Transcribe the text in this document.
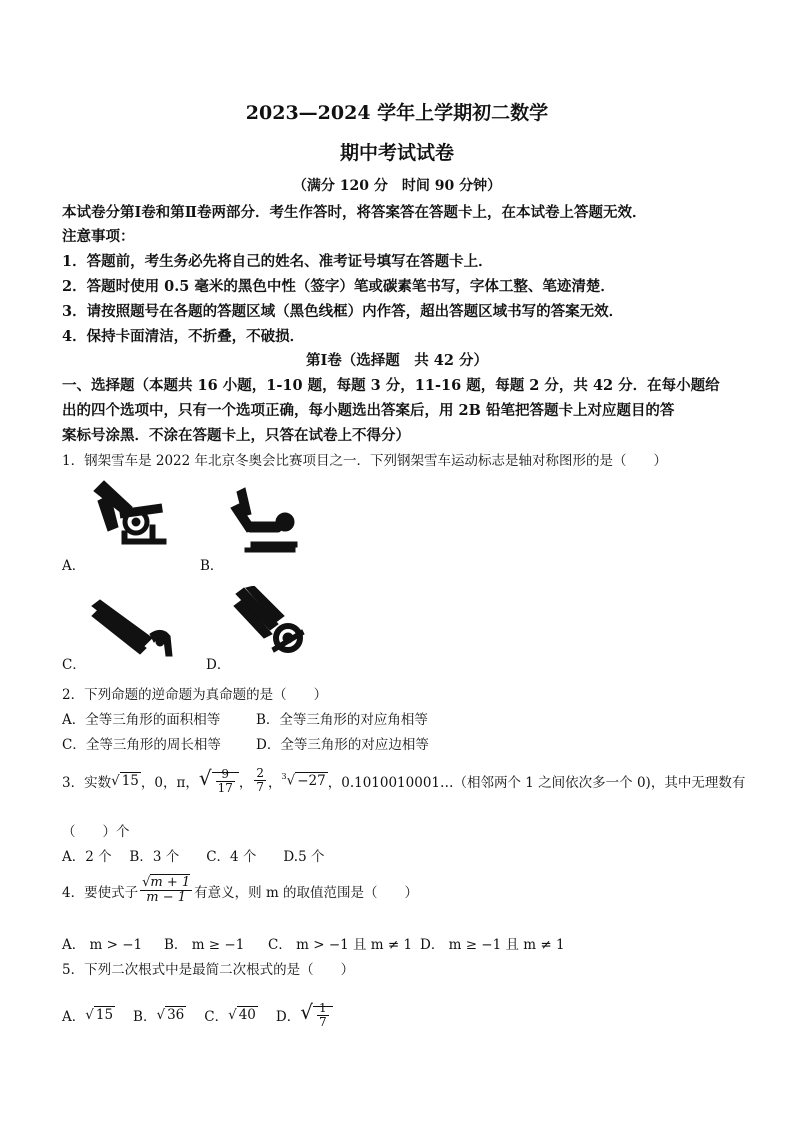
2023—2024 学年上学期初二数学
期中考试试卷
（满分 120 分　时间 90 分钟）
本试卷分第Ⅰ卷和第Ⅱ卷两部分．考生作答时，将答案答在答题卡上，在本试卷上答题无效．
注意事项：
1．答题前，考生务必先将自己的姓名、准考证号填写在答题卡上．
2．答题时使用 0.5 毫米的黑色中性（签字）笔或碳素笔书写，字体工整、笔迹清楚．
3．请按照题号在各题的答题区域（黑色线框）内作答，超出答题区域书写的答案无效．
4．保持卡面清洁，不折叠，不破损．
第Ⅰ卷（选择题　共 42 分）
一、选择题（本题共 16 小题，1-10 题，每题 3 分，11-16 题，每题 2 分，共 42 分．在每小题给
出的四个选项中，只有一个选项正确，每小题选出答案后，用 2B 铅笔把答题卡上对应题目的答
案标号涂黑．不涂在答题卡上，只答在试卷上不得分）
1．钢架雪车是 2022 年北京冬奥会比赛项目之一．下列钢架雪车运动标志是轴对称图形的是（　　）
A．	B．
C．	D．
2．下列命题的逆命题为真命题的是（　　）
A．全等三角形的面积相等	B．全等三角形的对应角相等
C．全等三角形的周长相等	D．全等三角形的对应边相等
3．实数 √ 15 ，0，π， √ $\frac{9}{17}$ ， $\frac{2}{7}$ ， $^3$√ −27 ，0.1010010001…（相邻两个 1 之间依次多一个 0)，其中无理数有
（　　）个
A．2 个　 B．3 个　　C．4 个　　D.5 个
4．要使式子 $\frac{√m + 1}{m - 1}$ 有意义，则 m 的取值范围是（　　）
A． m > −1 B． m ≥ −1 C． m > −1 且 m ≠ 1 D． m ≥ −1 且 m ≠ 1
5．下列二次根式中是最简二次根式的是（　　）
A． √ 15 B． √ 36 C． √ 40 D． √ $\frac{1}{7}$
